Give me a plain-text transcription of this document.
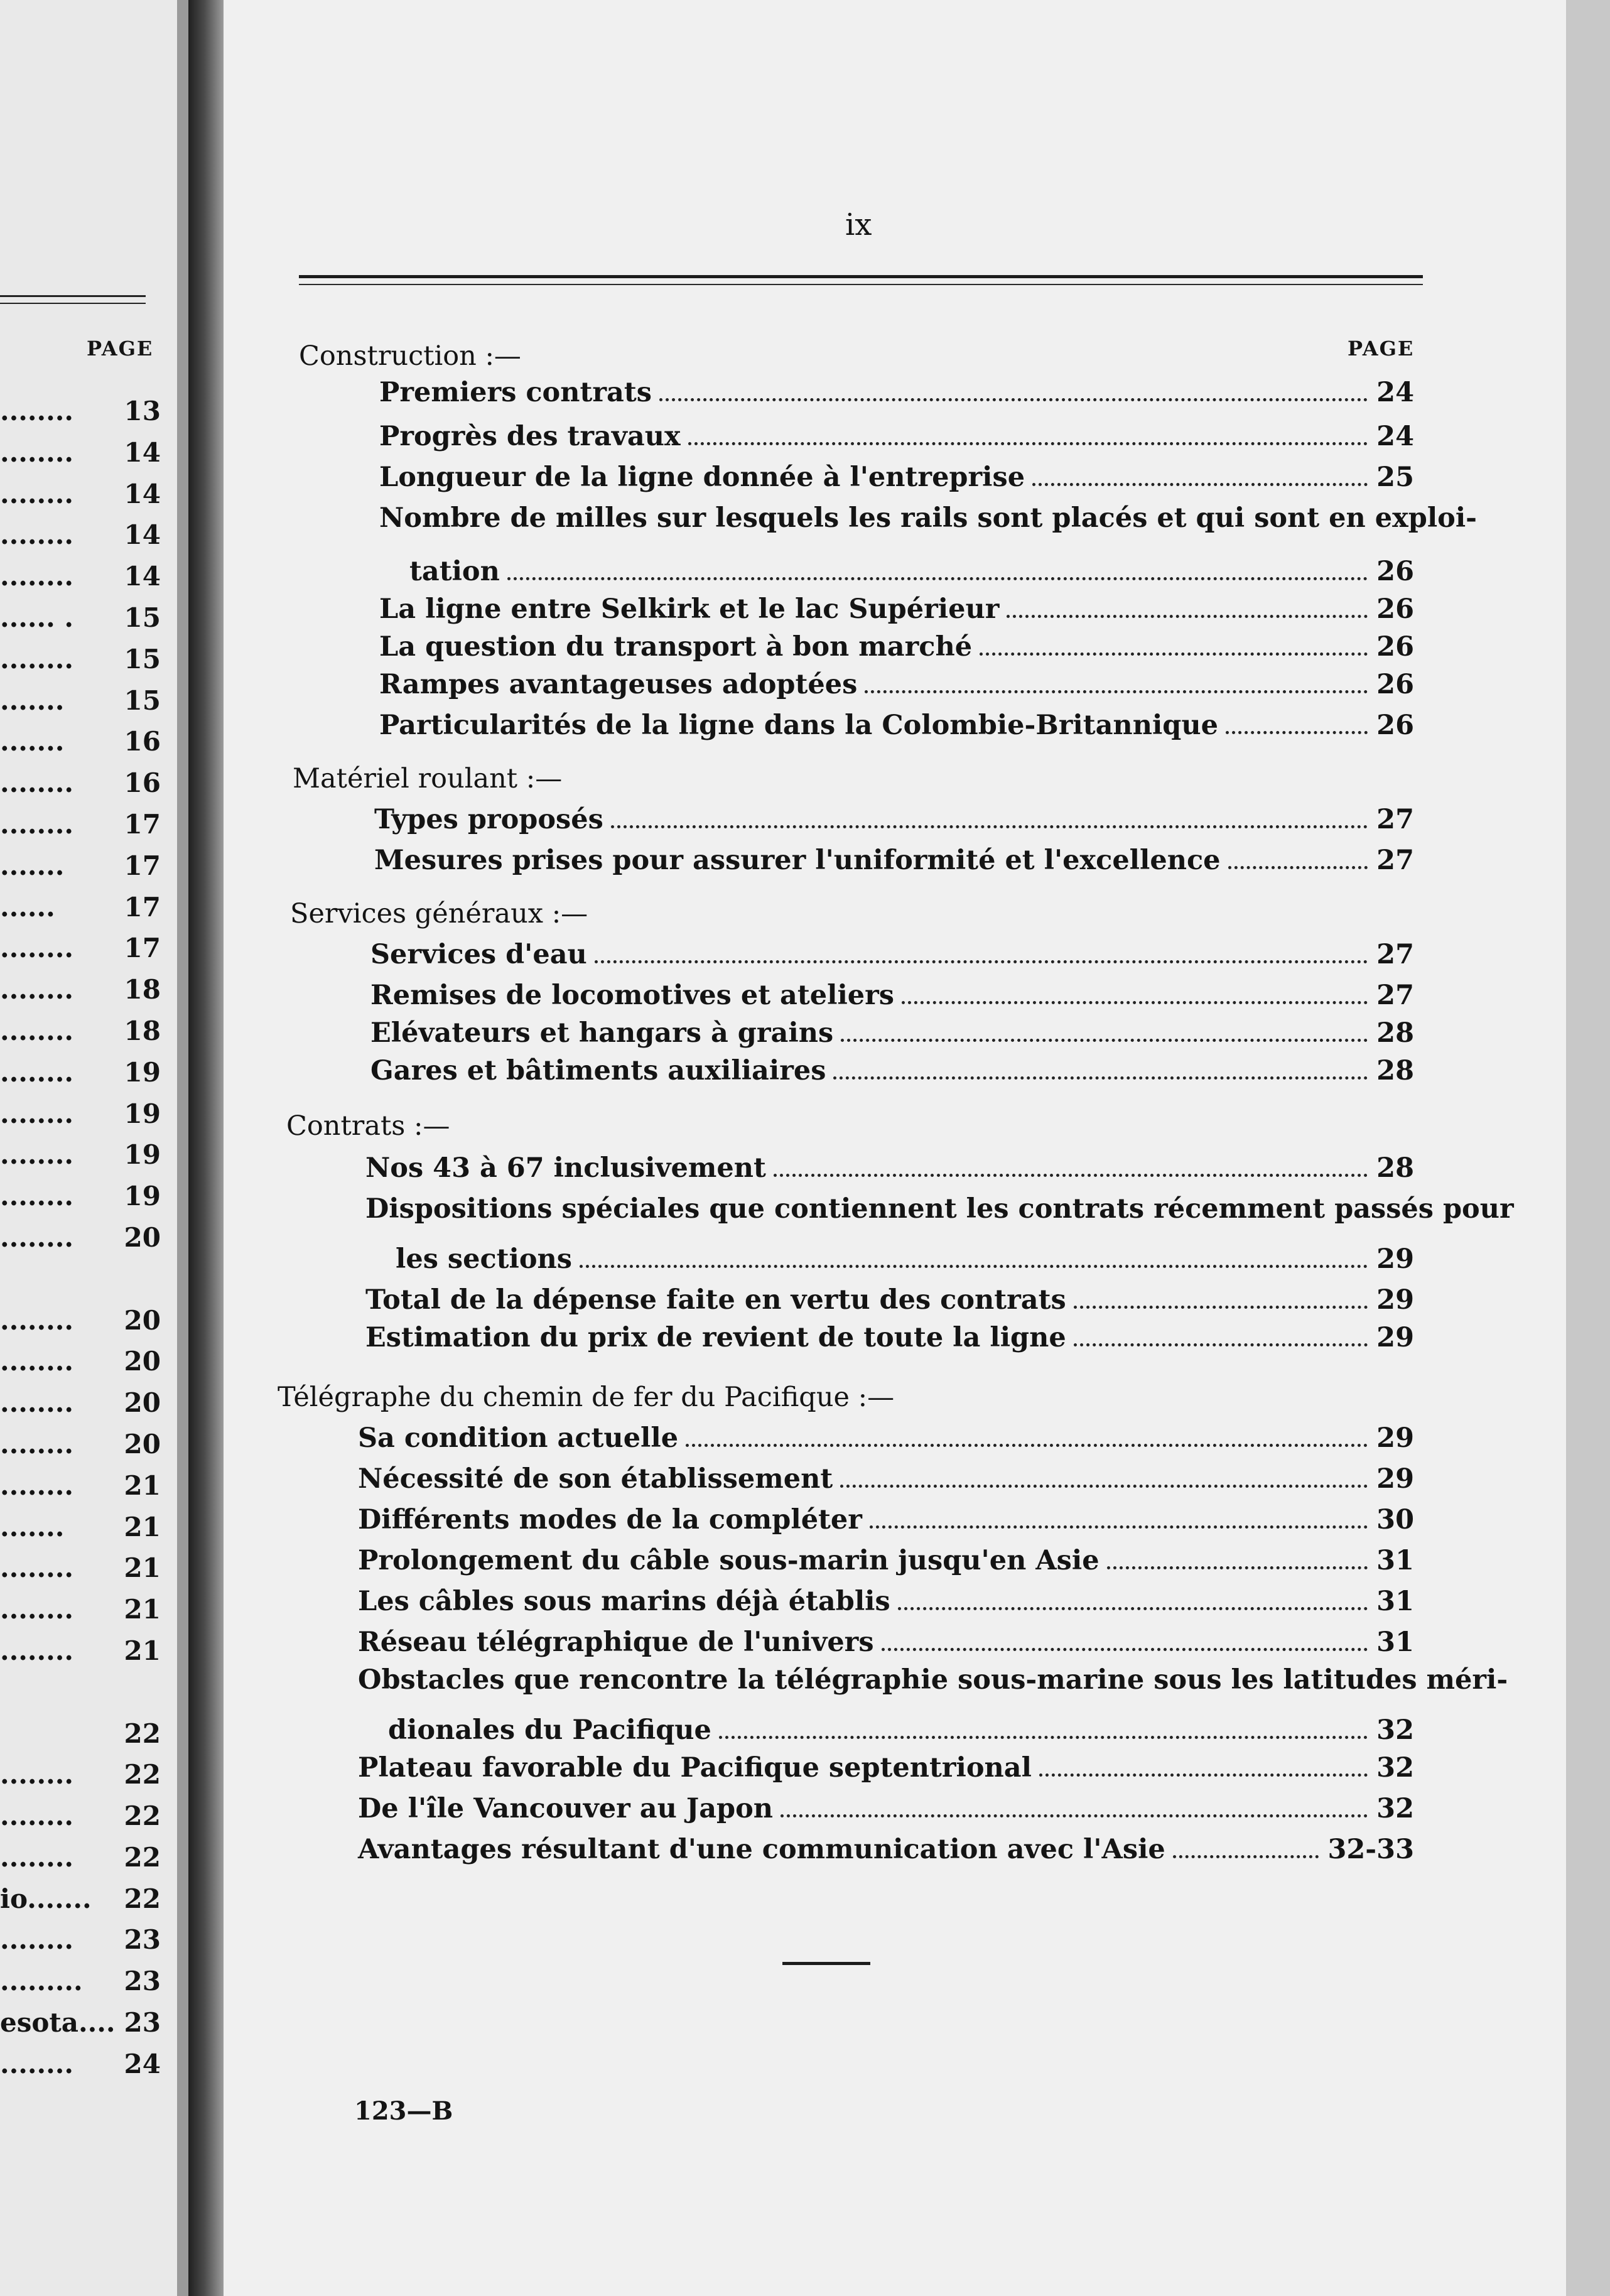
PAGE
........ 13
........ 14
........ 14
........ 14
........ 14
...... . 15
........ 15
....... 15
....... 16
........ 16
........ 17
....... 17
......	17
........ 17
........ 18
........ 18
........ 19
........ 19
........ 19
........ 19
........ 20
........ 20
........ 20
........ 20
........ 20
........ 21
....... 21
........ 21
........ 21
........ 21
22
........ 22
........ 22
........ 22
io....... 22
........ 23
......... 23
esota.... 23
........ 24
ix
PAGE
Construction :—
Premiers contrats	24
Progrès des travaux	24
Longueur de la ligne donnée à l'entreprise	25
Nombre de milles sur lesquels les rails sont placés et qui sont en exploi-
tation	26
La ligne entre Selkirk et le lac Supérieur	26
La question du transport à bon marché	26
Rampes avantageuses adoptées	26
Particularités de la ligne dans la Colombie-Britannique	26
Matériel roulant :—
Types proposés	27
Mesures prises pour assurer l'uniformité et l'excellence	27
Services généraux :—
Services d'eau	27
Remises de locomotives et ateliers	27
Elévateurs et hangars à grains	28
Gares et bâtiments auxiliaires	28
Contrats :—
Nos 43 à 67 inclusivement	28
Dispositions spéciales que contiennent les contrats récemment passés pour
les sections	29
Total de la dépense faite en vertu des contrats	29
Estimation du prix de revient de toute la ligne	29
Télégraphe du chemin de fer du Pacifique :—
Sa condition actuelle	29
Nécessité de son établissement	29
Différents modes de la compléter	30
Prolongement du câble sous-marin jusqu'en Asie	31
Les câbles sous marins déjà établis	31
Réseau télégraphique de l'univers	31
Obstacles que rencontre la télégraphie sous-marine sous les latitudes méri-
dionales du Pacifique	32
Plateau favorable du Pacifique septentrional	32
De l'île Vancouver au Japon	32
Avantages résultant d'une communication avec l'Asie	32-33
123—B
